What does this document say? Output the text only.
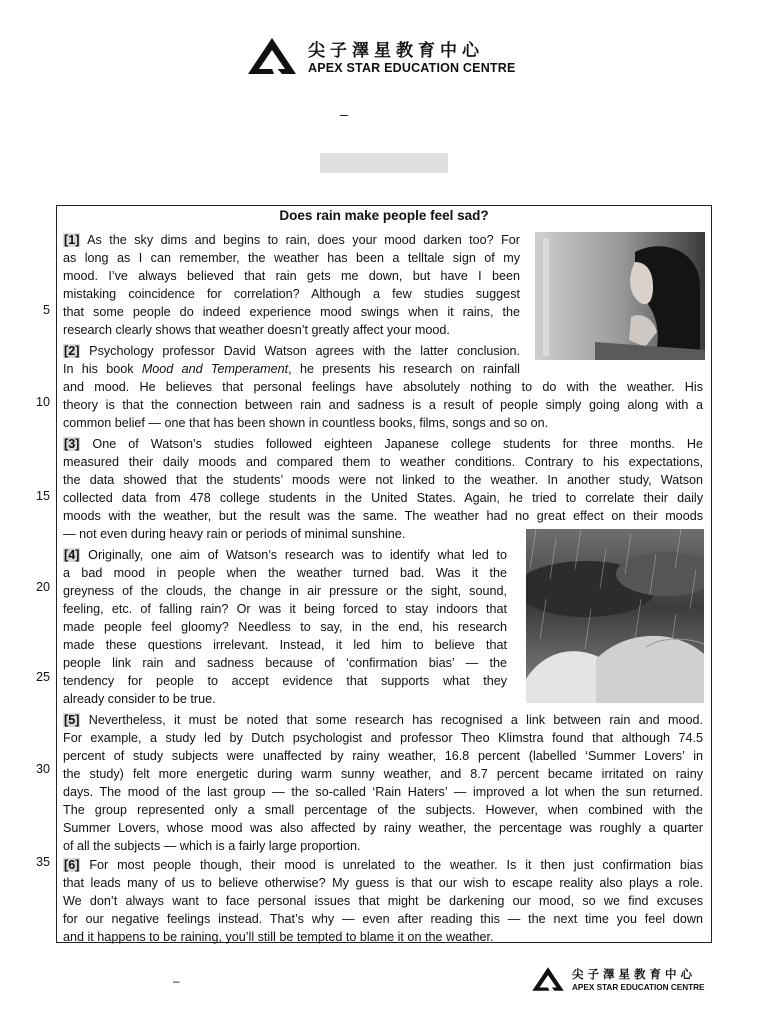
尖子澤星教育中心
APEX STAR EDUCATION CENTRE
–
Does rain make people feel sad?
[1] As the sky dims and begins to rain, does your mood darken too? For
as long as I can remember, the weather has been a telltale sign of my
mood. I’ve always believed that rain gets me down, but have I been
mistaking coincidence for correlation? Although a few studies suggest
that some people do indeed experience mood swings when it rains, the
research clearly shows that weather doesn’t greatly affect your mood.
[2] Psychology professor David Watson agrees with the latter conclusion.
In his book Mood and Temperament, he presents his research on rainfall
and mood. He believes that personal feelings have absolutely nothing to do with the weather. His
theory is that the connection between rain and sadness is a result of people simply going along with a
common belief — one that has been shown in countless books, films, songs and so on.
[3] One of Watson’s studies followed eighteen Japanese college students for three months. He
measured their daily moods and compared them to weather conditions. Contrary to his expectations,
the data showed that the students’ moods were not linked to the weather. In another study, Watson
collected data from 478 college students in the United States. Again, he tried to correlate their daily
moods with the weather, but the result was the same. The weather had no great effect on their moods
— not even during heavy rain or periods of minimal sunshine.
[4] Originally, one aim of Watson’s research was to identify what led to
a bad mood in people when the weather turned bad. Was it the
greyness of the clouds, the change in air pressure or the sight, sound,
feeling, etc. of falling rain? Or was it being forced to stay indoors that
made people feel gloomy? Needless to say, in the end, his research
made these questions irrelevant. Instead, it led him to believe that
people link rain and sadness because of ‘confirmation bias’ — the
tendency for people to accept evidence that supports what they
already consider to be true.
[5] Nevertheless, it must be noted that some research has recognised a link between rain and mood.
For example, a study led by Dutch psychologist and professor Theo Klimstra found that although 74.5
percent of study subjects were unaffected by rainy weather, 16.8 percent (labelled ‘Summer Lovers’ in
the study) felt more energetic during warm sunny weather, and 8.7 percent became irritated on rainy
days. The mood of the last group — the so-called ‘Rain Haters’ — improved a lot when the sun returned.
The group represented only a small percentage of the subjects. However, when combined with the
Summer Lovers, whose mood was also affected by rainy weather, the percentage was roughly a quarter
of all the subjects — which is a fairly large proportion.
[6] For most people though, their mood is unrelated to the weather. Is it then just confirmation bias
that leads many of us to believe otherwise? My guess is that our wish to escape reality also plays a role.
We don’t always want to face personal issues that might be darkening our mood, so we find excuses
for our negative feelings instead. That’s why — even after reading this — the next time you feel down
and it happens to be raining, you’ll still be tempted to blame it on the weather.
5
10
15
20
25
30
35
–	尖子澤星教育中心
APEX STAR EDUCATION CENTRE
